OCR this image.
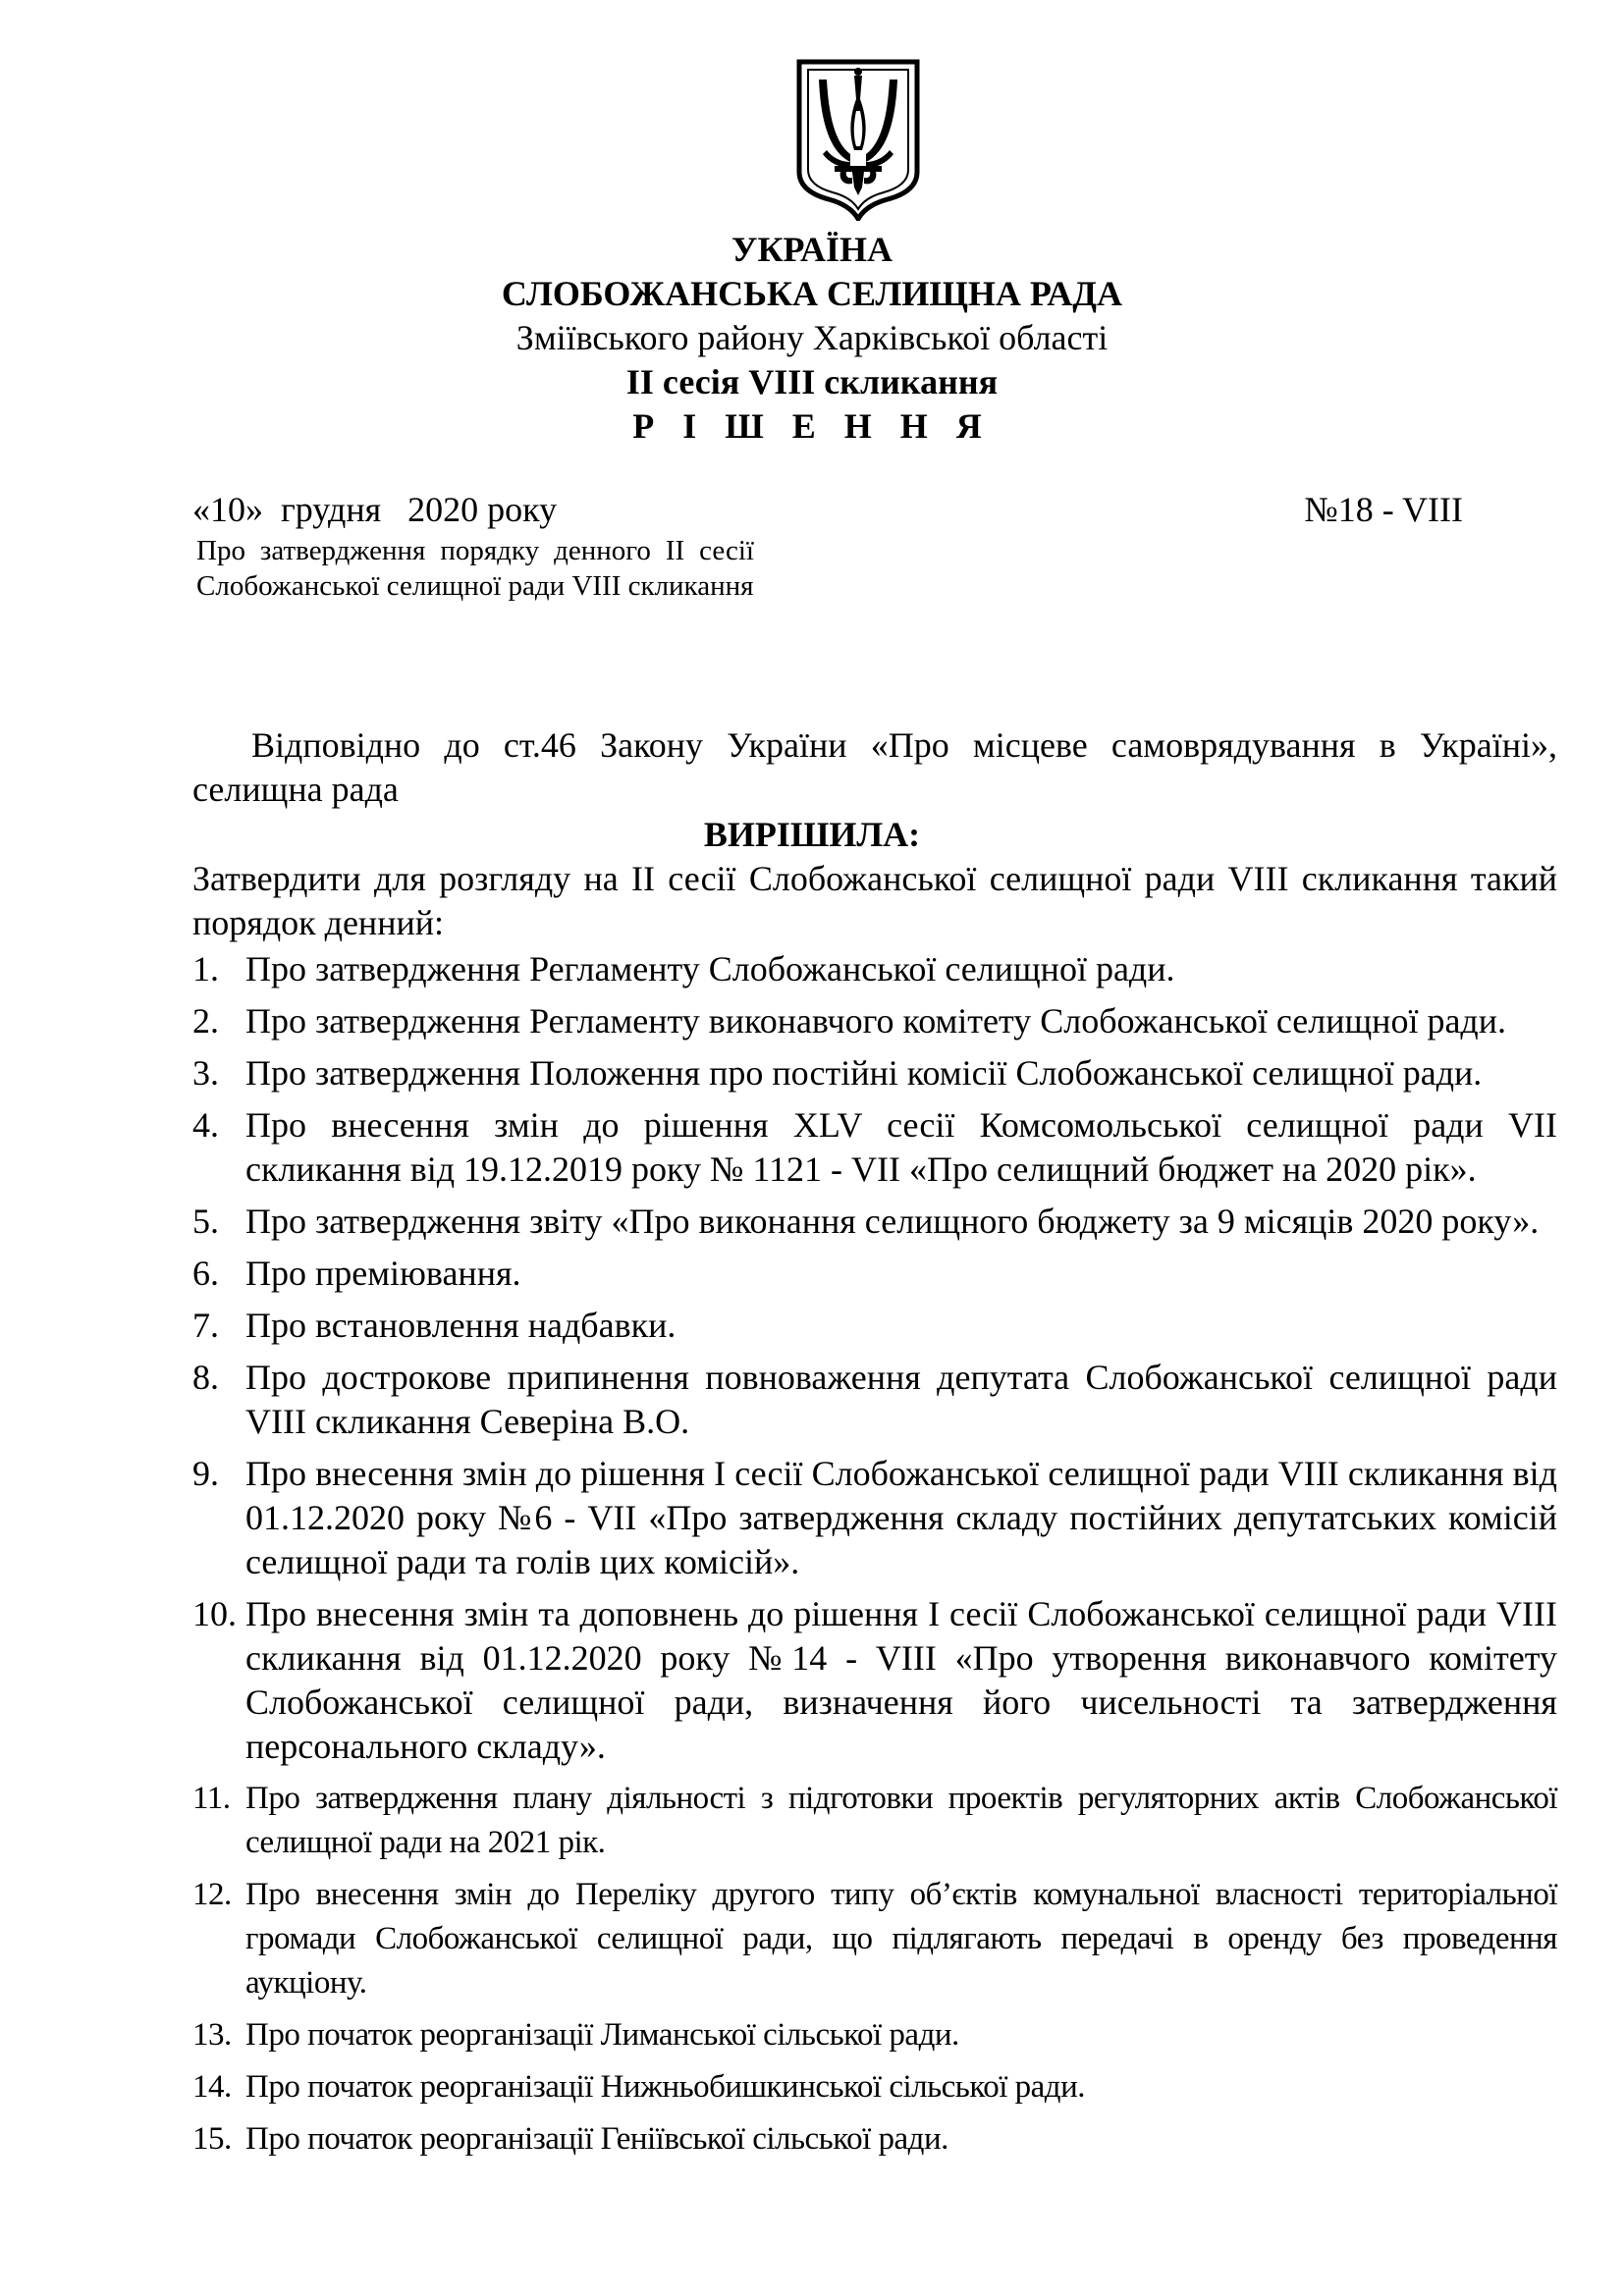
УКРАЇНА
СЛОБОЖАНСЬКА СЕЛИЩНА РАДА
Зміївського району Харківської області
II сесія VIII скликання
Р І Ш Е Н Н Я
«10»  грудня   2020 року	№18 - VIII
Про затвердження порядку денного II сесії Слобожанської селищної ради VIII скликання
Відповідно до ст.46 Закону України «Про місцеве самоврядування в Україні», селищна рада
ВИРІШИЛА:
Затвердити для розгляду на II сесії Слобожанської селищної ради VIII скликання такий порядок денний:
1. Про затвердження Регламенту Слобожанської селищної ради.
2. Про затвердження Регламенту виконавчого комітету Слобожанської селищної ради.
3. Про затвердження Положення про постійні комісії Слобожанської селищної ради.
4. Про внесення змін до рішення XLV сесії Комсомольської селищної ради VII скликання від 19.12.2019 року № 1121 - VII «Про селищний бюджет на 2020 рік».
5. Про затвердження звіту «Про виконання селищного бюджету за 9 місяців 2020 року».
6. Про преміювання.
7. Про встановлення надбавки.
8. Про дострокове припинення повноваження депутата Слобожанської селищної ради VIII скликання Северіна В.О.
9. Про внесення змін до рішення I сесії Слобожанської селищної ради VIII скликання від 01.12.2020 року №6 - VII «Про затвердження складу постійних депутатських комісій селищної ради та голів цих комісій».
10. Про внесення змін та доповнень до рішення I сесії Слобожанської селищної ради VIII скликання від 01.12.2020 року №14 - VIII «Про утворення виконавчого комітету Слобожанської селищної ради, визначення його чисельності та затвердження персонального складу».
11. Про затвердження плану діяльності з підготовки проектів регуляторних актів Слобожанської селищної ради на 2021 рік.
12. Про внесення змін до Переліку другого типу об’єктів комунальної власності територіальної громади Слобожанської селищної ради, що підлягають передачі в оренду без проведення аукціону.
13. Про початок реорганізації Лиманської сільської ради.
14. Про початок реорганізації Нижньобишкинської сільської ради.
15. Про початок реорганізації Геніївської сільської ради.
